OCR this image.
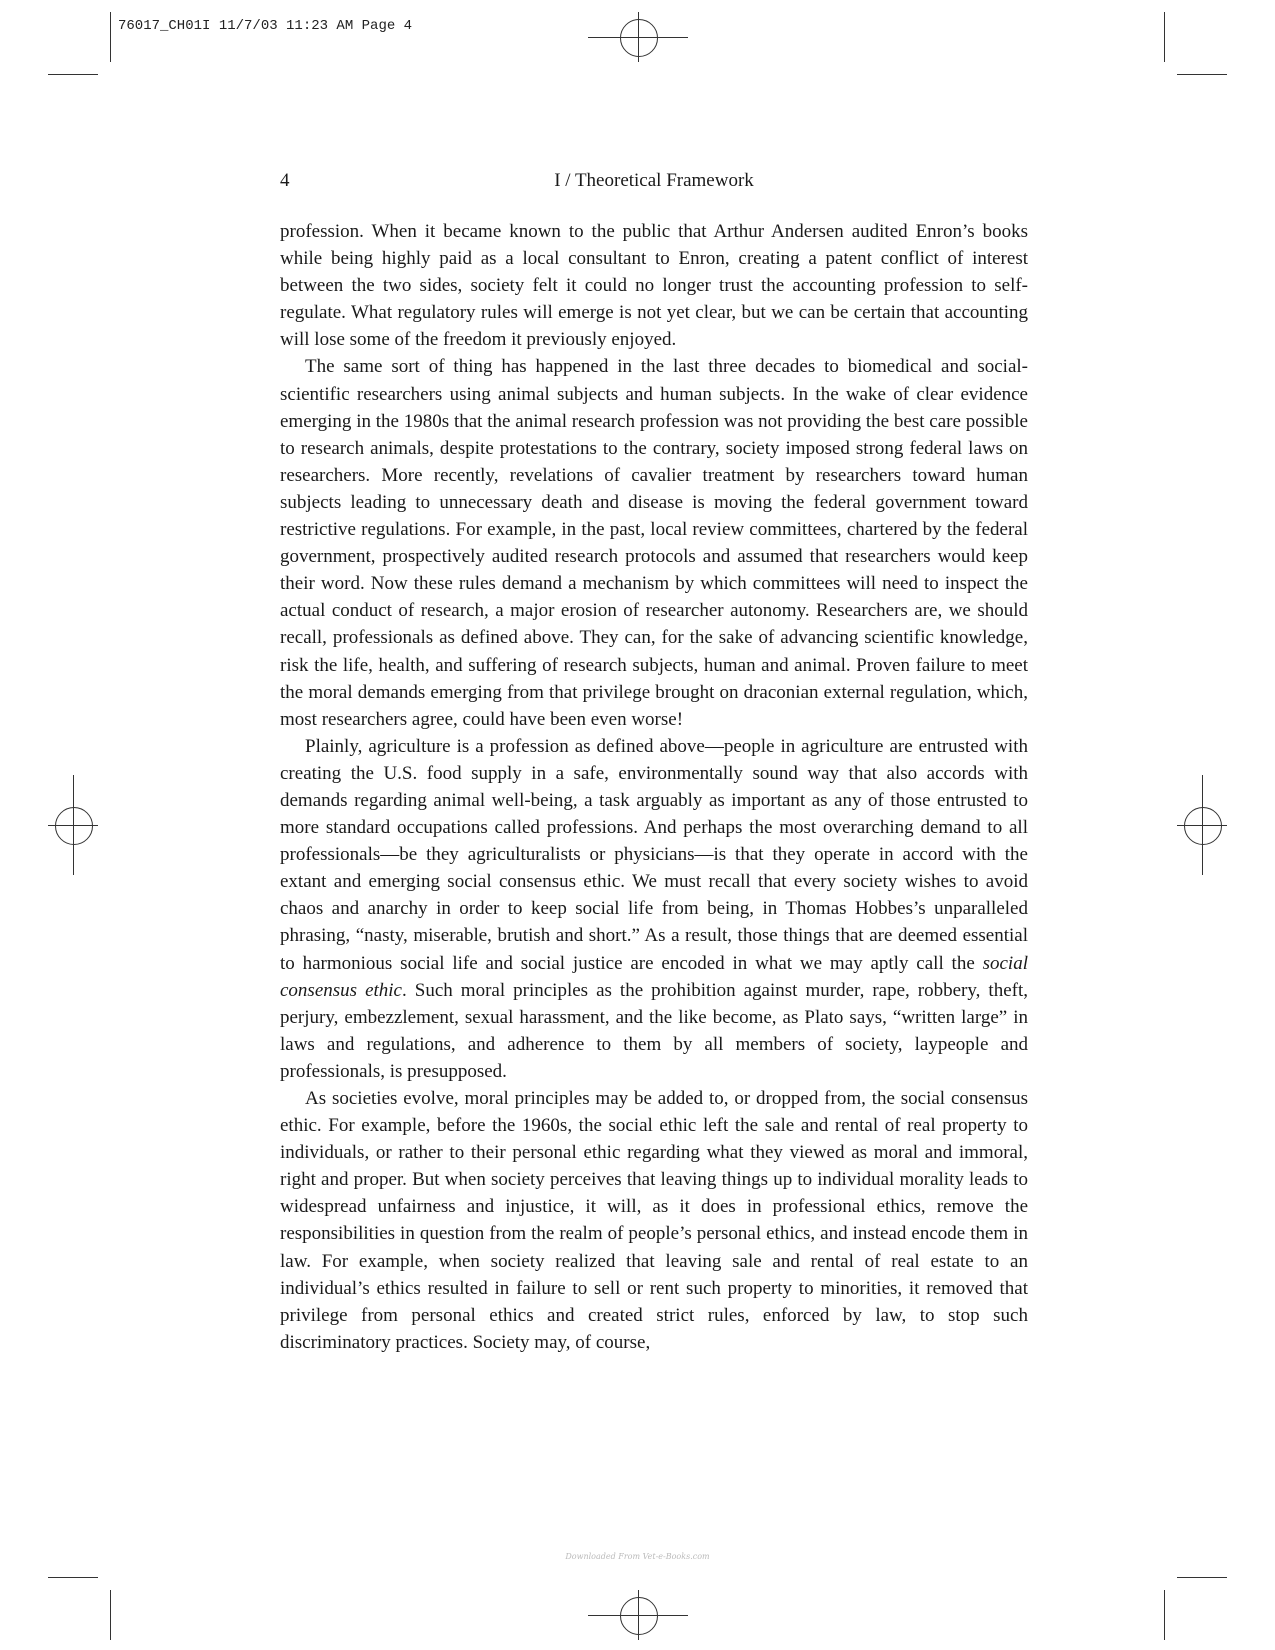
76017_CH01I 11/7/03 11:23 AM Page 4
4	I / Theoretical Framework

profession. When it became known to the public that Arthur Andersen audited Enron’s books while being highly paid as a local consultant to Enron, creating a patent conflict of interest between the two sides, society felt it could no longer trust the accounting profession to self-regulate. What regulatory rules will emerge is not yet clear, but we can be certain that accounting will lose some of the freedom it previously enjoyed.

The same sort of thing has happened in the last three decades to biomedical and social-scientific researchers using animal subjects and human subjects. In the wake of clear evidence emerging in the 1980s that the animal research profession was not providing the best care possible to research animals, despite protestations to the contrary, society imposed strong federal laws on researchers. More recently, revelations of cavalier treatment by researchers toward human subjects leading to unnecessary death and disease is moving the federal government toward restrictive regulations. For example, in the past, local review committees, chartered by the federal government, prospectively audited research protocols and assumed that researchers would keep their word. Now these rules demand a mechanism by which committees will need to inspect the actual conduct of research, a major erosion of researcher autonomy. Researchers are, we should recall, professionals as defined above. They can, for the sake of advancing scientific knowledge, risk the life, health, and suffering of research subjects, human and animal. Proven failure to meet the moral demands emerging from that privilege brought on draconian external regulation, which, most researchers agree, could have been even worse!

Plainly, agriculture is a profession as defined above—people in agriculture are entrusted with creating the U.S. food supply in a safe, environmentally sound way that also accords with demands regarding animal well-being, a task arguably as important as any of those entrusted to more standard occupations called professions. And perhaps the most overarching demand to all professionals—be they agriculturalists or physicians—is that they operate in accord with the extant and emerging social consensus ethic. We must recall that every society wishes to avoid chaos and anarchy in order to keep social life from being, in Thomas Hobbes’s unparalleled phrasing, “nasty, miserable, brutish and short.” As a result, those things that are deemed essential to harmonious social life and social justice are encoded in what we may aptly call the social consensus ethic. Such moral principles as the prohibition against murder, rape, robbery, theft, perjury, embezzlement, sexual harassment, and the like become, as Plato says, “written large” in laws and regulations, and adherence to them by all members of society, laypeople and professionals, is presupposed.

As societies evolve, moral principles may be added to, or dropped from, the social consensus ethic. For example, before the 1960s, the social ethic left the sale and rental of real property to individuals, or rather to their personal ethic regarding what they viewed as moral and immoral, right and proper. But when society perceives that leaving things up to individual morality leads to widespread unfairness and injustice, it will, as it does in professional ethics, remove the responsibilities in question from the realm of people’s personal ethics, and instead encode them in law. For example, when society realized that leaving sale and rental of real estate to an individual’s ethics resulted in failure to sell or rent such property to minorities, it removed that privilege from personal ethics and created strict rules, enforced by law, to stop such discriminatory practices. Society may, of course,

Downloaded From Vet-e-Books.com
